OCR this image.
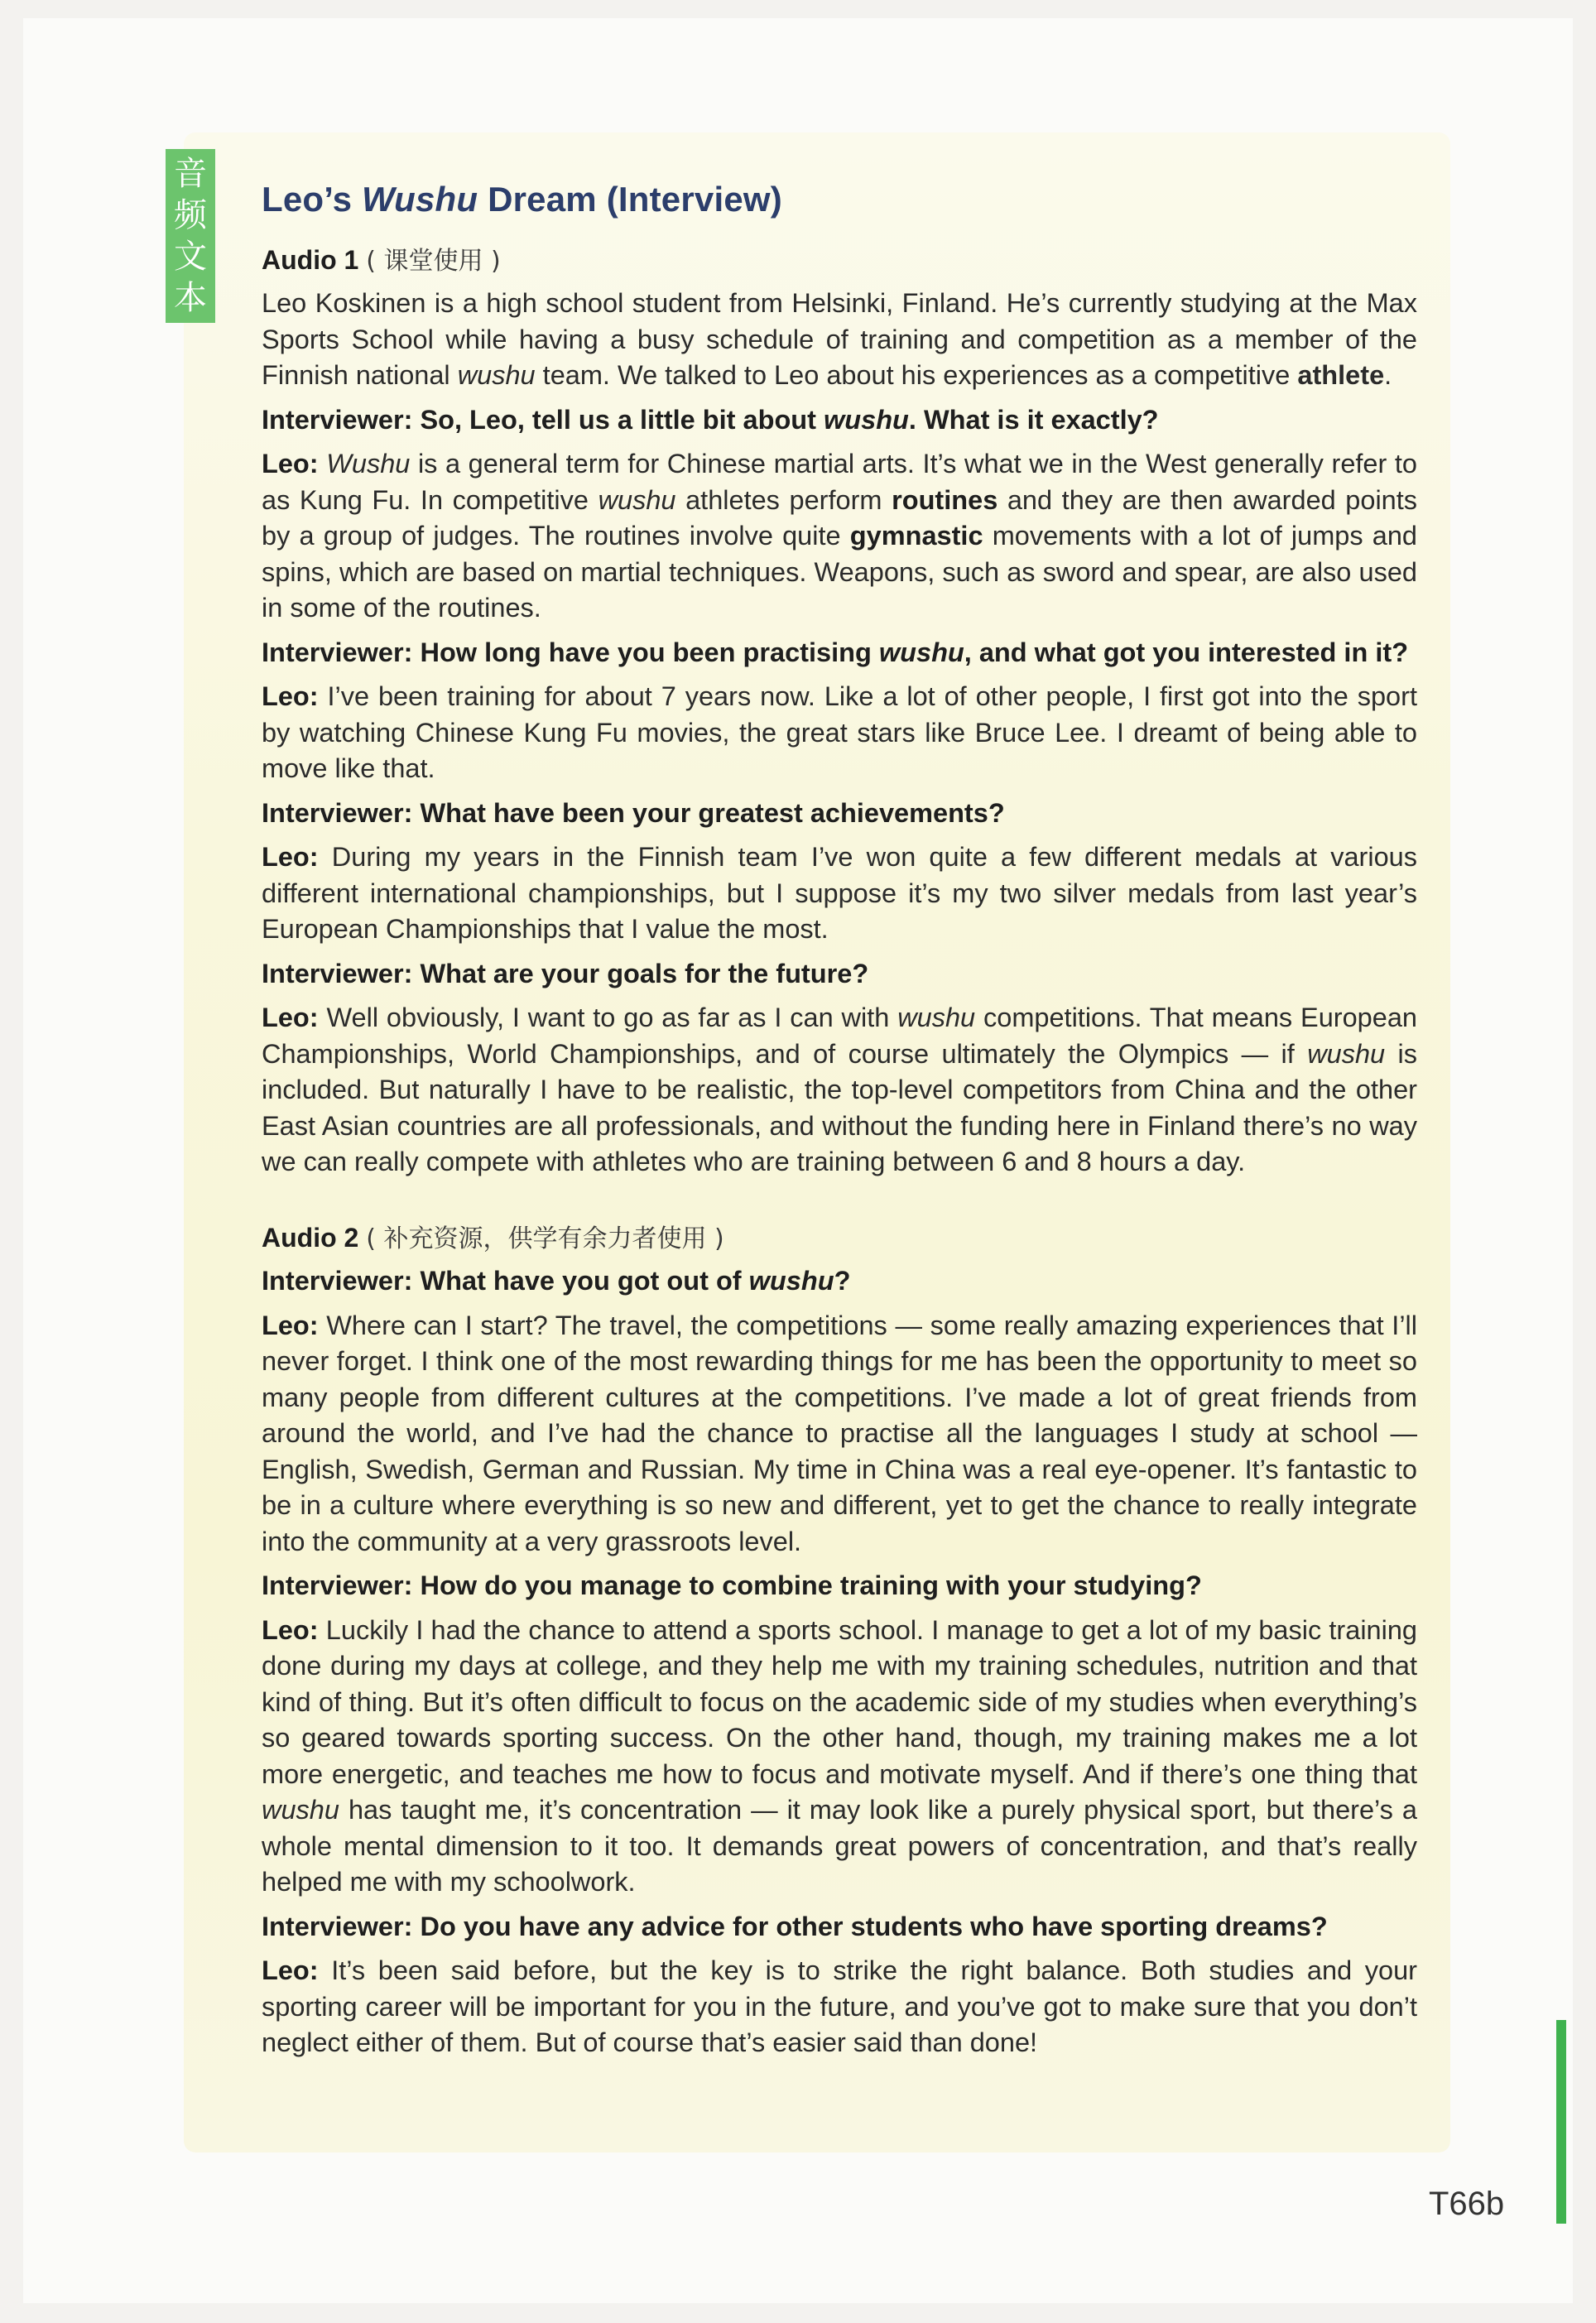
音
频
文
本
Leo’s Wushu Dream (Interview)
Audio 1 ( 课堂使用 )

Leo Koskinen is a high school student from Helsinki, Finland. He’s currently studying at the Max Sports School while having a busy schedule of training and competition as a member of the Finnish national wushu team. We talked to Leo about his experiences as a competitive athlete.

Interviewer: So, Leo, tell us a little bit about wushu. What is it exactly?
Leo: Wushu is a general term for Chinese martial arts. It’s what we in the West generally refer to as Kung Fu. In competitive wushu athletes perform routines and they are then awarded points by a group of judges. The routines involve quite gymnastic movements with a lot of jumps and spins, which are based on martial techniques. Weapons, such as sword and spear, are also used in some of the routines.
Interviewer: How long have you been practising wushu, and what got you interested in it?
Leo: I’ve been training for about 7 years now. Like a lot of other people, I first got into the sport by watching Chinese Kung Fu movies, the great stars like Bruce Lee. I dreamt of being able to move like that.
Interviewer: What have been your greatest achievements?
Leo: During my years in the Finnish team I’ve won quite a few different medals at various different international championships, but I suppose it’s my two silver medals from last year’s European Championships that I value the most.
Interviewer: What are your goals for the future?
Leo: Well obviously, I want to go as far as I can with wushu competitions. That means European Championships, World Championships, and of course ultimately the Olympics — if wushu is included. But naturally I have to be realistic, the top-level competitors from China and the other East Asian countries are all professionals, and without the funding here in Finland there’s no way we can really compete with athletes who are training between 6 and 8 hours a day.
Audio 2 ( 补充资源，供学有余力者使用 )
Interviewer: What have you got out of wushu?
Leo: Where can I start? The travel, the competitions — some really amazing experiences that I’ll never forget. I think one of the most rewarding things for me has been the opportunity to meet so many people from different cultures at the competitions. I’ve made a lot of great friends from around the world, and I’ve had the chance to practise all the languages I study at school — English, Swedish, German and Russian. My time in China was a real eye-opener. It’s fantastic to be in a culture where everything is so new and different, yet to get the chance to really integrate into the community at a very grassroots level.
Interviewer: How do you manage to combine training with your studying?
Leo: Luckily I had the chance to attend a sports school. I manage to get a lot of my basic training done during my days at college, and they help me with my training schedules, nutrition and that kind of thing. But it’s often difficult to focus on the academic side of my studies when everything’s so geared towards sporting success. On the other hand, though, my training makes me a lot more energetic, and teaches me how to focus and motivate myself. And if there’s one thing that wushu has taught me, it’s concentration — it may look like a purely physical sport, but there’s a whole mental dimension to it too. It demands great powers of concentration, and that’s really helped me with my schoolwork.
Interviewer: Do you have any advice for other students who have sporting dreams?
Leo: It’s been said before, but the key is to strike the right balance. Both studies and your sporting career will be important for you in the future, and you’ve got to make sure that you don’t neglect either of them. But of course that’s easier said than done!
T66b
